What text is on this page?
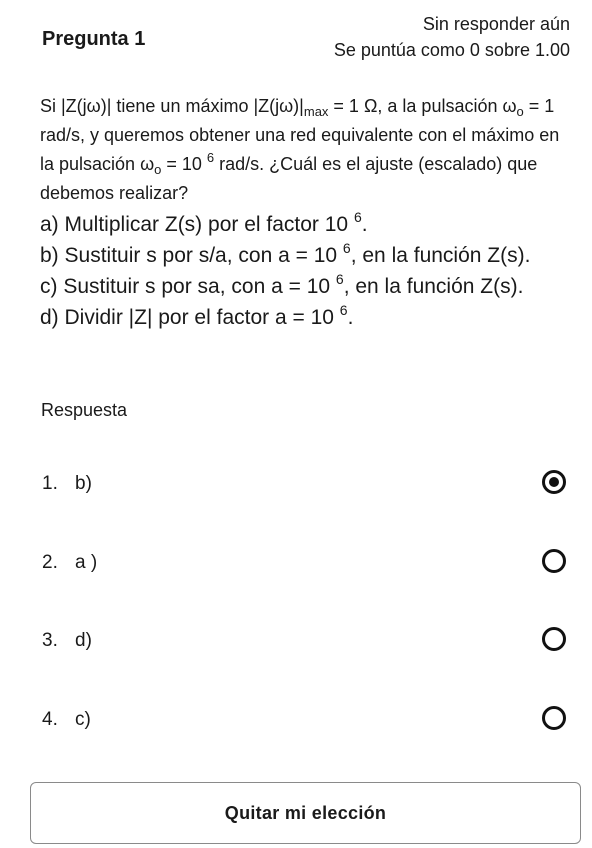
Pregunta 1
Sin responder aún
Se puntúa como 0 sobre 1.00
Si |Z(jω)| tiene un máximo $|Z(j\omega)|_{max} = 1$ Ω, a la pulsación $\omega_o = 1$ rad/s, y queremos obtener una red equivalente con el máximo en la pulsación $\omega_o = 10$ $^6$ rad/s. ¿Cuál es el ajuste (escalado) que debemos realizar?
a) Multiplicar Z(s) por el factor 10 $^6$.
b) Sustituir s por s/a, con a = 10 $^6$, en la función Z(s).
c) Sustituir s por sa, con a = 10 $^6$, en la función Z(s).
d) Dividir |Z| por el factor a = 10 $^6$.
Respuesta
1. b)
2. a )
3. d)
4. c)
Quitar mi elección
